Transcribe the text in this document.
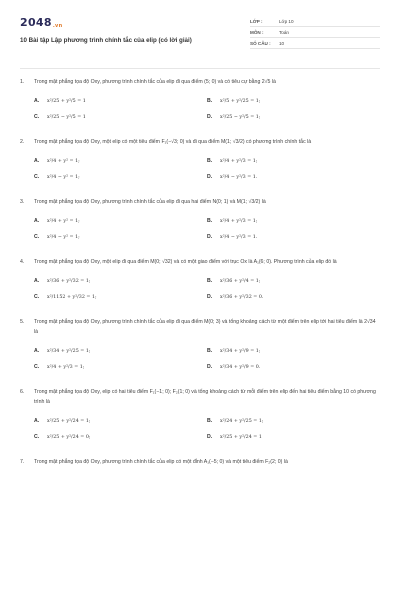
2048.vn
10 Bài tập Lập phương trình chính tắc của elip (có lời giải)
LỚP :	Lớp 10
MÔN :	Toán
SỐ CÂU :	10
1.	Trong mặt phẳng tọa độ Oxy, phương trình chính tắc của elip đi qua điểm (5; 0) và có tiêu cự bằng 2√5 là
A.	x²/25 + y²/5 = 1	B.	x²/5 + y²/25 = 1;
C.	x²/25 − y²/5 = 1	D.	x²/25 − y²/5 = 1;
2.	Trong mặt phẳng tọa độ Oxy, một elip có một tiêu điểm F₁(−√3; 0) và đi qua điểm M(1; √3/2) có phương trình chính tắc là
A.	x²/4 + y² = 1;	B.	x²/4 + y²/3 = 1;
C.	x²/4 − y² = 1;	D.	x²/4 − y²/3 = 1.
3.	Trong mặt phẳng tọa độ Oxy, phương trình chính tắc của elip đi qua hai điểm N(0; 1) và M(1; √3/2) là
A.	x²/4 + y² = 1;	B.	x²/4 + y²/3 = 1;
C.	x²/4 − y² = 1;	D.	x²/4 − y²/3 = 1.
4.	Trong mặt phẳng tọa độ Oxy, một elip đi qua điểm M(0; √32) và có một giao điểm với trục Ox là A₁(6; 0). Phương trình của elip đó là
A.	x²/36 + y²/32 = 1;	B.	x²/36 + y²/4 = 1;
C.	x²/1152 + y²/32 = 1;	D.	x²/36 + y²/32 = 0.
5.	Trong mặt phẳng tọa độ Oxy, phương trình chính tắc của elip đi qua điểm M(0; 3) và tổng khoảng cách từ một điểm trên elip tới hai tiêu điểm là 2√34 là
A.	x²/34 + y²/25 = 1;	B.	x²/34 + y²/9 = 1;
C.	x²/4 + y²/3 = 1;	D.	x²/34 + y²/9 = 0.
6.	Trong mặt phẳng tọa độ Oxy, elip có hai tiêu điểm F₁(−1; 0); F₂(1; 0) và tổng khoảng cách từ mỗi điểm trên elip đến hai tiêu điểm bằng 10 có phương trình là
A.	x²/25 + y²/24 = 1;	B.	x²/24 + y²/25 = 1;
C.	x²/25 + y²/24 = 0;	D.	x²/25 + y²/24 = 1
7.	Trong mặt phẳng tọa độ Oxy, phương trình chính tắc của elip có một đỉnh A₁(−5; 0) và một tiêu điểm F₂(2; 0) là
